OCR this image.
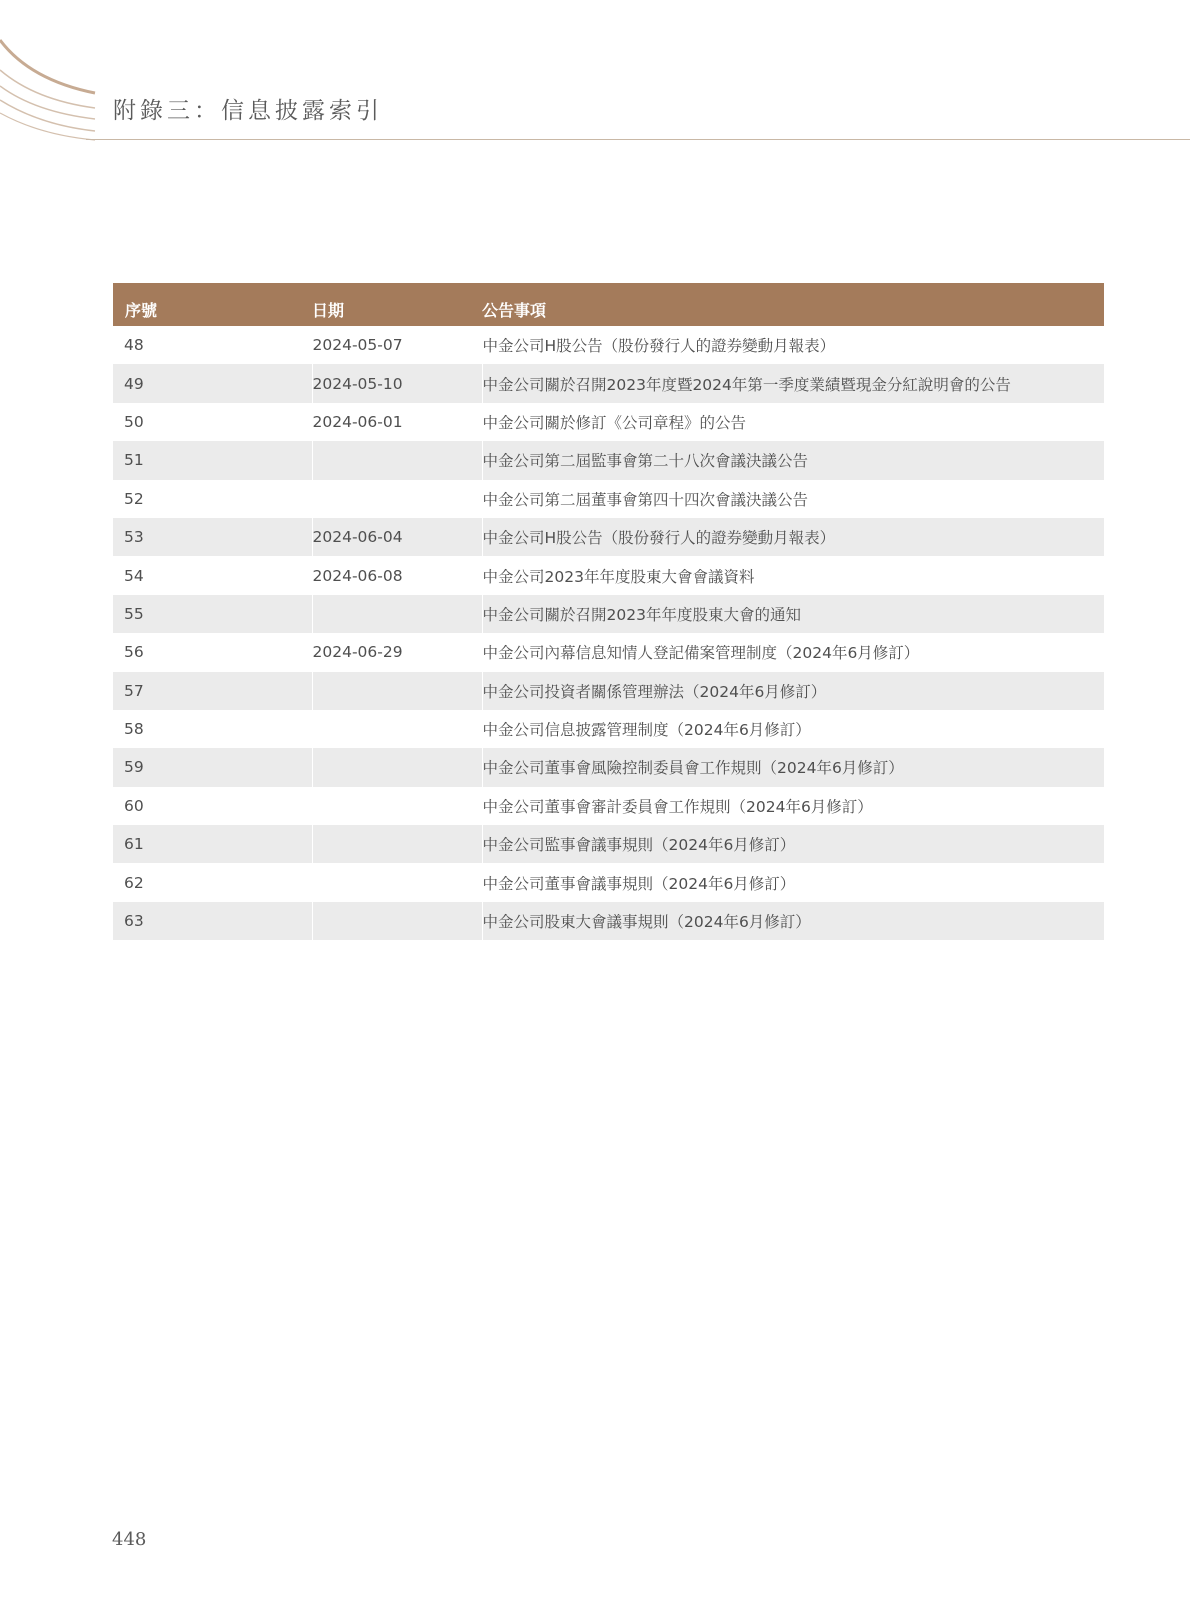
附錄三：信息披露索引
序號	日期	公告事項
48	2024-05-07	中金公司H股公告（股份發行人的證券變動月報表）
49	2024-05-10	中金公司關於召開2023年度暨2024年第一季度業績暨現金分紅說明會的公告
50	2024-06-01	中金公司關於修訂《公司章程》的公告
51		中金公司第二屆監事會第二十八次會議決議公告
52		中金公司第二屆董事會第四十四次會議決議公告
53	2024-06-04	中金公司H股公告（股份發行人的證券變動月報表）
54	2024-06-08	中金公司2023年年度股東大會會議資料
55		中金公司關於召開2023年年度股東大會的通知
56	2024-06-29	中金公司內幕信息知情人登記備案管理制度（2024年6月修訂）
57		中金公司投資者關係管理辦法（2024年6月修訂）
58		中金公司信息披露管理制度（2024年6月修訂）
59		中金公司董事會風險控制委員會工作規則（2024年6月修訂）
60		中金公司董事會審計委員會工作規則（2024年6月修訂）
61		中金公司監事會議事規則（2024年6月修訂）
62		中金公司董事會議事規則（2024年6月修訂）
63		中金公司股東大會議事規則（2024年6月修訂）
448
